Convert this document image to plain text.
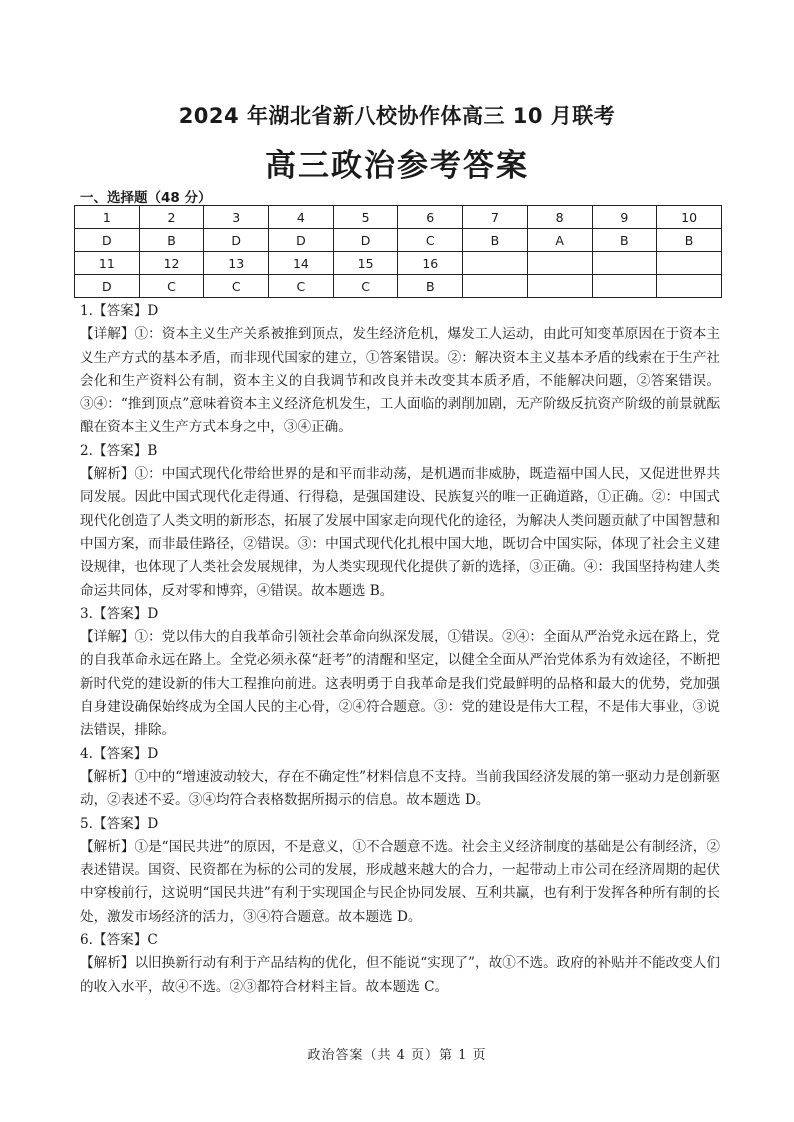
2024 年湖北省新八校协作体高三 10 月联考
高三政治参考答案
一、选择题（48 分）
1	2	3	4	5	6	7	8	9	10
D	B	D	D	D	C	B	A	B	B
11	12	13	14	15	16				
D	C	C	C	C	B				

1.【答案】D

【详解】①：资本主义生产关系被推到顶点，发生经济危机，爆发工人运动，由此可知变革原因在于资本主义生产方式的基本矛盾，而非现代国家的建立，①答案错误。②：解决资本主义基本矛盾的线索在于生产社会化和生产资料公有制，资本主义的自我调节和改良并未改变其本质矛盾，不能解决问题，②答案错误。③④：“推到顶点”意味着资本主义经济危机发生，工人面临的剥削加剧，无产阶级反抗资产阶级的前景就酝酿在资本主义生产方式本身之中，③④正确。

2.【答案】B

【解析】①：中国式现代化带给世界的是和平而非动荡，是机遇而非威胁，既造福中国人民，又促进世界共同发展。因此中国式现代化走得通、行得稳，是强国建设、民族复兴的唯一正确道路，①正确。②：中国式现代化创造了人类文明的新形态，拓展了发展中国家走向现代化的途径，为解决人类问题贡献了中国智慧和中国方案，而非最佳路径，②错误。③：中国式现代化扎根中国大地，既切合中国实际，体现了社会主义建设规律，也体现了人类社会发展规律，为人类实现现代化提供了新的选择，③正确。④：我国坚持构建人类命运共同体，反对零和博弈，④错误。故本题选 B。

3.【答案】D

【详解】①：党以伟大的自我革命引领社会革命向纵深发展，①错误。②④：全面从严治党永远在路上，党的自我革命永远在路上。全党必须永葆“赶考”的清醒和坚定，以健全全面从严治党体系为有效途径，不断把新时代党的建设新的伟大工程推向前进。这表明勇于自我革命是我们党最鲜明的品格和最大的优势，党加强自身建设确保始终成为全国人民的主心骨，②④符合题意。③：党的建设是伟大工程，不是伟大事业，③说法错误，排除。

4.【答案】D

【解析】①中的“增速波动较大，存在不确定性”材料信息不支持。当前我国经济发展的第一驱动力是创新驱动，②表述不妥。③④均符合表格数据所揭示的信息。故本题选 D。

5.【答案】D

【解析】①是“国民共进”的原因，不是意义，①不合题意不选。社会主义经济制度的基础是公有制经济，②表述错误。国资、民资都在为标的公司的发展，形成越来越大的合力，一起带动上市公司在经济周期的起伏中穿梭前行，这说明“国民共进”有利于实现国企与民企协同发展、互利共赢，也有利于发挥各种所有制的长处，激发市场经济的活力，③④符合题意。故本题选 D。

6.【答案】C

【解析】以旧换新行动有利于产品结构的优化，但不能说“实现了”，故①不选。政府的补贴并不能改变人们的收入水平，故④不选。②③都符合材料主旨。故本题选 C。

政治答案（共 4 页）第 1 页
